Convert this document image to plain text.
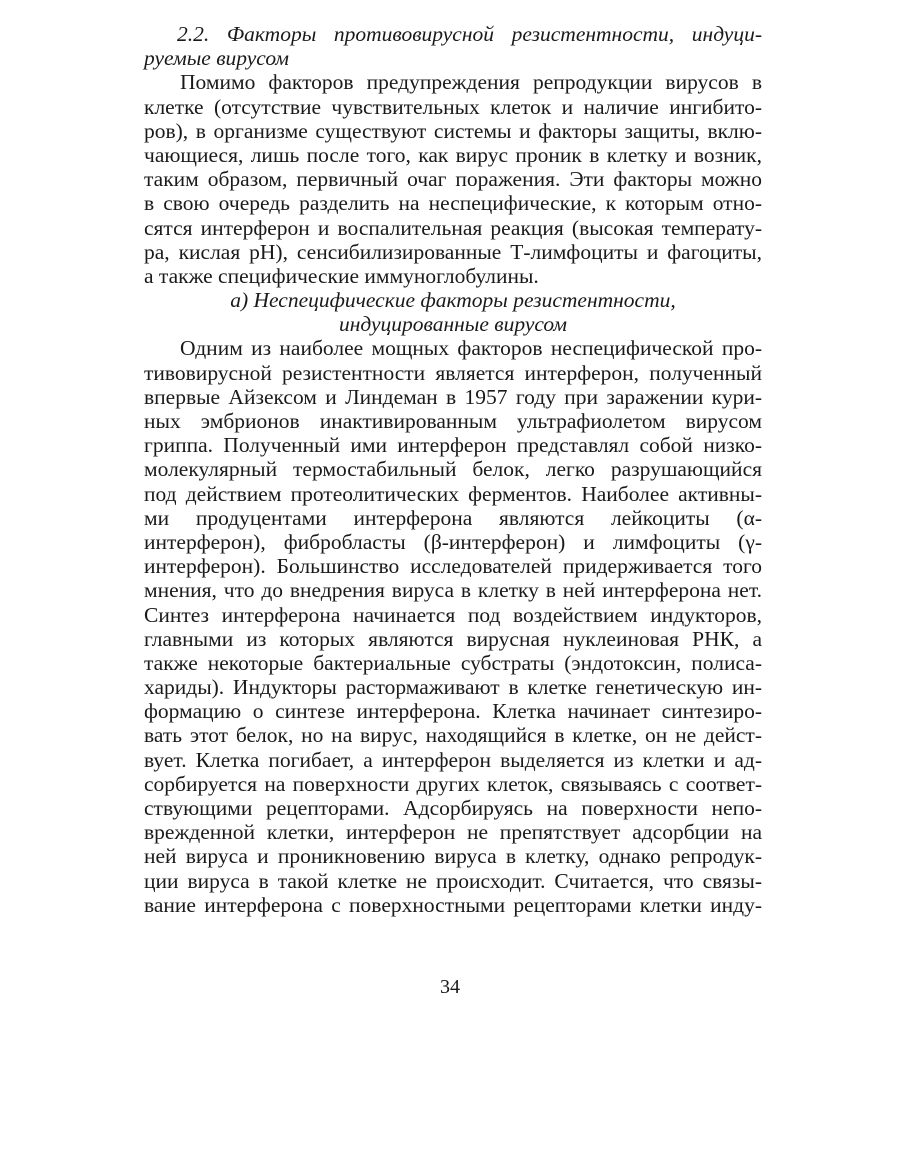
2.2. Факторы противовирусной резистентности, индуци-
руемые вирусом
Помимо факторов предупреждения репродукции вирусов в
клетке (отсутствие чувствительных клеток и наличие ингибито-
ров), в организме существуют системы и факторы защиты, вклю-
чающиеся, лишь после того, как вирус проник в клетку и возник,
таким образом, первичный очаг поражения. Эти факторы можно
в свою очередь разделить на неспецифические, к которым отно-
сятся интерферон и воспалительная реакция (высокая температу-
ра, кислая pH), сенсибилизированные Т-лимфоциты и фагоциты,
а также специфические иммуноглобулины.
а) Неспецифические факторы резистентности,
индуцированные вирусом
Одним из наиболее мощных факторов неспецифической про-
тивовирусной резистентности является интерферон, полученный
впервые Айзексом и Линдеман в 1957 году при заражении кури-
ных эмбрионов инактивированным ультрафиолетом вирусом
гриппа. Полученный ими интерферон представлял собой низко-
молекулярный термостабильный белок, легко разрушающийся
под действием протеолитических ферментов. Наиболее активны-
ми продуцентами интерферона являются лейкоциты (α-
интерферон), фибробласты (β-интерферон) и лимфоциты (γ-
интерферон). Большинство исследователей придерживается того
мнения, что до внедрения вируса в клетку в ней интерферона нет.
Синтез интерферона начинается под воздействием индукторов,
главными из которых являются вирусная нуклеиновая РНК, а
также некоторые бактериальные субстраты (эндотоксин, полиса-
хариды). Индукторы растормаживают в клетке генетическую ин-
формацию о синтезе интерферона. Клетка начинает синтезиро-
вать этот белок, но на вирус, находящийся в клетке, он не дейст-
вует. Клетка погибает, а интерферон выделяется из клетки и ад-
сорбируется на поверхности других клеток, связываясь с соответ-
ствующими рецепторами. Адсорбируясь на поверхности непо-
врежденной клетки, интерферон не препятствует адсорбции на
ней вируса и проникновению вируса в клетку, однако репродук-
ции вируса в такой клетке не происходит. Считается, что связы-
вание интерферона с поверхностными рецепторами клетки инду-
34
